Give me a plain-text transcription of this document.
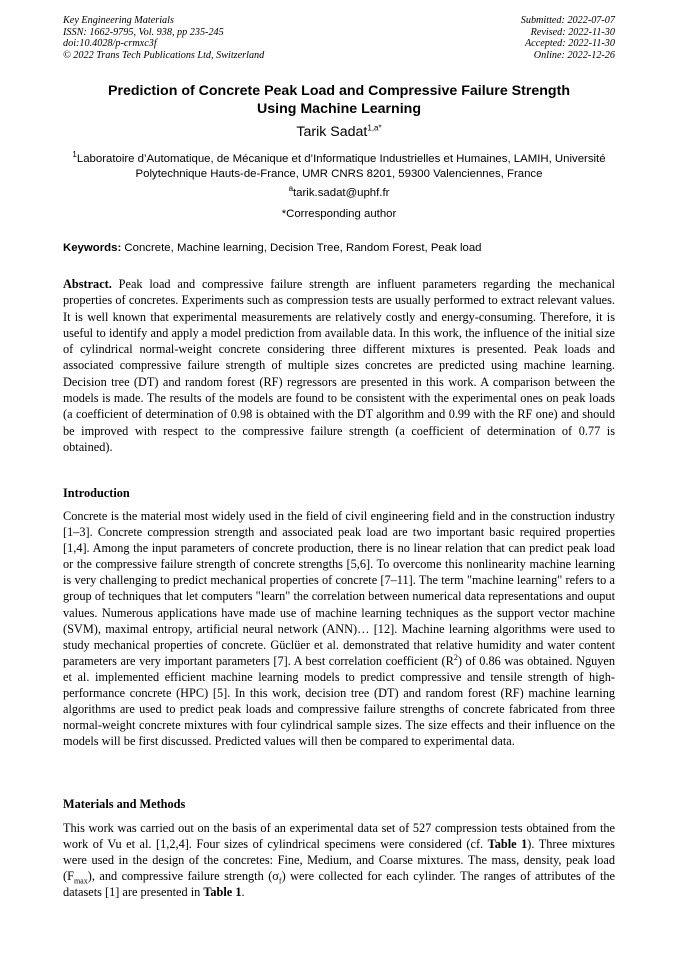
Key Engineering Materials
ISSN: 1662-9795, Vol. 938, pp 235-245
doi:10.4028/p-crmxc3f
© 2022 Trans Tech Publications Ltd, Switzerland
Submitted: 2022-07-07
Revised: 2022-11-30
Accepted: 2022-11-30
Online: 2022-12-26
Prediction of Concrete Peak Load and Compressive Failure Strength
Using Machine Learning
Tarik Sadat$^{1,a*}$
$^1$Laboratoire d’Automatique, de Mécanique et d’Informatique Industrielles et Humaines, LAMIH, Université Polytechnique Hauts-de-France, UMR CNRS 8201, 59300 Valenciennes, France
$^a$tarik.sadat@uphf.fr
*Corresponding author
Keywords: Concrete, Machine learning, Decision Tree, Random Forest, Peak load

Abstract. Peak load and compressive failure strength are influent parameters regarding the mechanical properties of concretes. Experiments such as compression tests are usually performed to extract relevant values. It is well known that experimental measurements are relatively costly and energy-consuming. Therefore, it is useful to identify and apply a model prediction from available data. In this work, the influence of the initial size of cylindrical normal-weight concrete considering three different mixtures is presented. Peak loads and associated compressive failure strength of multiple sizes concretes are predicted using machine learning. Decision tree (DT) and random forest (RF) regressors are presented in this work. A comparison between the models is made. The results of the models are found to be consistent with the experimental ones on peak loads (a coefficient of determination of 0.98 is obtained with the DT algorithm and 0.99 with the RF one) and should be improved with respect to the compressive failure strength (a coefficient of determination of 0.77 is obtained).

Introduction

Concrete is the material most widely used in the field of civil engineering field and in the construction industry [1–3]. Concrete compression strength and associated peak load are two important basic required properties [1,4]. Among the input parameters of concrete production, there is no linear relation that can predict peak load or the compressive failure strength of concrete strengths [5,6]. To overcome this nonlinearity machine learning is very challenging to predict mechanical properties of concrete [7–11]. The term "machine learning" refers to a group of techniques that let computers "learn" the correlation between numerical data representations and ouput values. Numerous applications have made use of machine learning techniques as the support vector machine (SVM), maximal entropy, artificial neural network (ANN)… [12]. Machine learning algorithms were used to study mechanical properties of concrete. Güclüer et al. demonstrated that relative humidity and water content parameters are very important parameters [7]. A best correlation coefficient $(R^2)$ of 0.86 was obtained. Nguyen et al. implemented efficient machine learning models to predict compressive and tensile strength of high-performance concrete (HPC) [5]. In this work, decision tree (DT) and random forest (RF) machine learning algorithms are used to predict peak loads and compressive failure strengths of concrete fabricated from three normal-weight concrete mixtures with four cylindrical sample sizes. The size effects and their influence on the models will be first discussed. Predicted values will then be compared to experimental data.

Materials and Methods

This work was carried out on the basis of an experimental data set of 527 compression tests obtained from the work of Vu et al. [1,2,4]. Four sizes of cylindrical specimens were considered (cf. Table 1). Three mixtures were used in the design of the concretes: Fine, Medium, and Coarse mixtures. The mass, density, peak load $(F_{max})$, and compressive failure strength $(\sigma_f)$ were collected for each cylinder. The ranges of attributes of the datasets [1] are presented in Table 1.
